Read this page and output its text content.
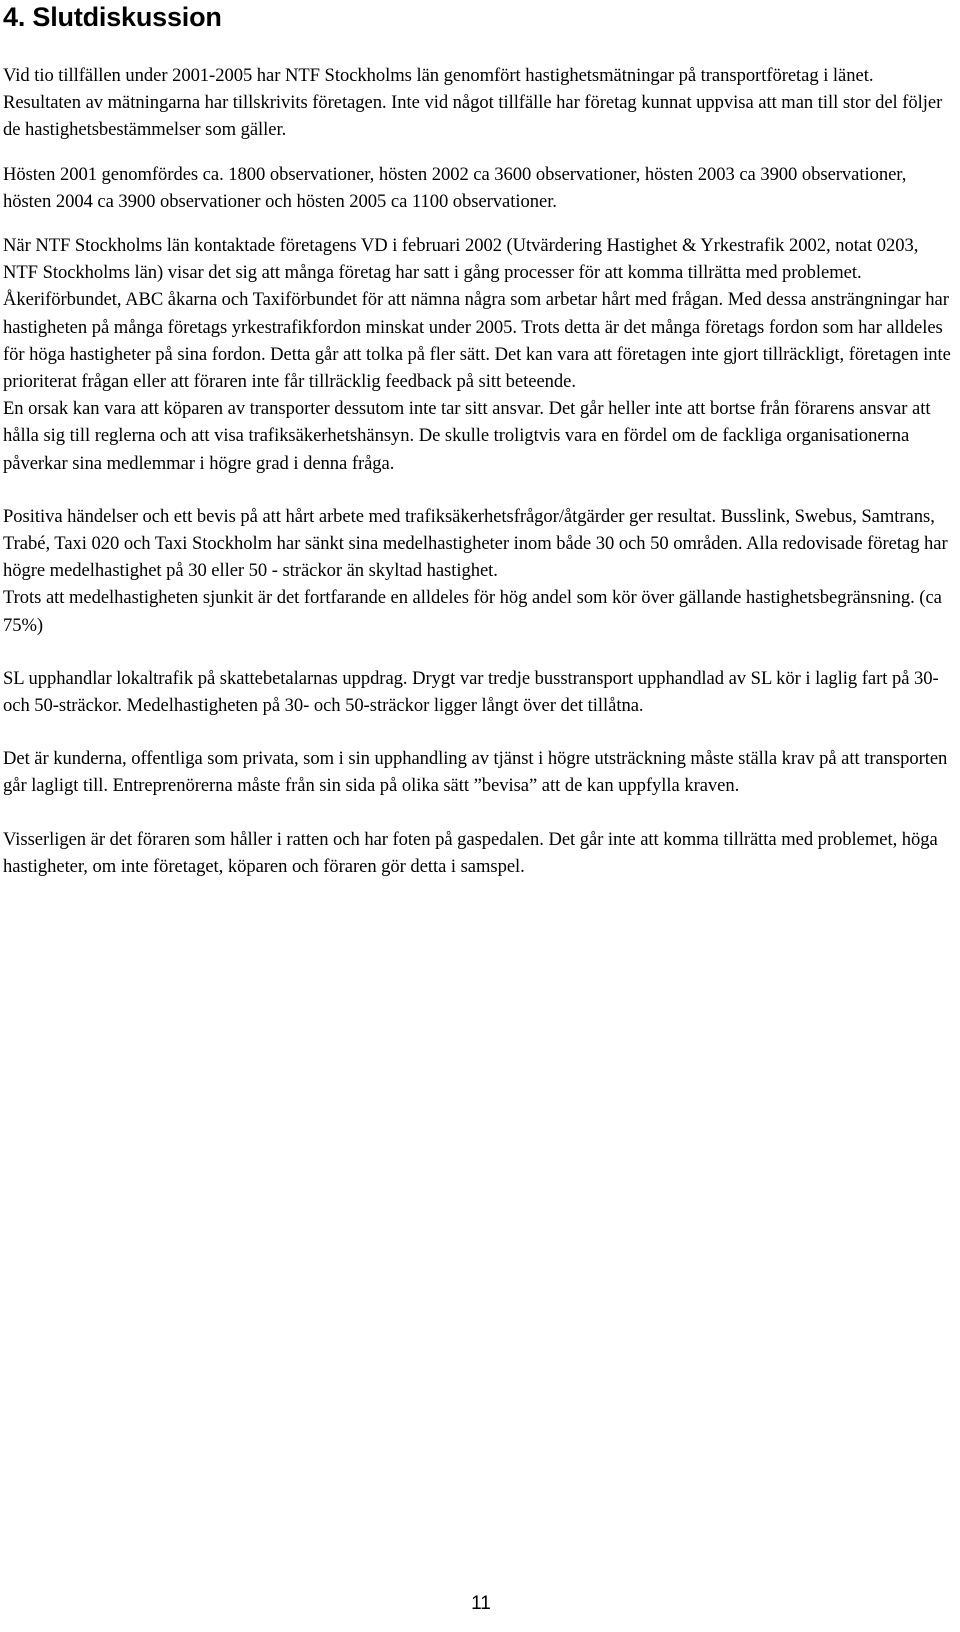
4. Slutdiskussion

Vid tio tillfällen under 2001-2005 har NTF Stockholms län genomfört hastighetsmätningar på transportföretag i länet. Resultaten av mätningarna har tillskrivits företagen. Inte vid något tillfälle har företag kunnat uppvisa att man till stor del följer de hastighetsbestämmelser som gäller.

Hösten 2001 genomfördes ca. 1800 observationer, hösten 2002 ca 3600 observationer, hösten 2003 ca 3900 observationer, hösten 2004 ca 3900 observationer och hösten 2005 ca 1100 observationer.

När NTF Stockholms län kontaktade företagens VD i februari 2002 (Utvärdering Hastighet & Yrkestrafik 2002, notat 0203, NTF Stockholms län) visar det sig att många företag har satt i gång processer för att komma tillrätta med problemet. Åkeriförbundet, ABC åkarna och Taxiförbundet för att nämna några som arbetar hårt med frågan. Med dessa ansträngningar har hastigheten på många företags yrkestrafikfordon minskat under 2005. Trots detta är det många företags fordon som har alldeles för höga hastigheter på sina fordon. Detta går att tolka på fler sätt. Det kan vara att företagen inte gjort tillräckligt, företagen inte prioriterat frågan eller att föraren inte får tillräcklig feedback på sitt beteende.

En orsak kan vara att köparen av transporter dessutom inte tar sitt ansvar. Det går heller inte att bortse från förarens ansvar att hålla sig till reglerna och att visa trafiksäkerhetshänsyn. De skulle troligtvis vara en fördel om de fackliga organisationerna påverkar sina medlemmar i högre grad i denna fråga.

Positiva händelser och ett bevis på att hårt arbete med trafiksäkerhetsfrågor/åtgärder ger resultat. Busslink, Swebus, Samtrans, Trabé, Taxi 020 och Taxi Stockholm har sänkt sina medelhastigheter inom både 30 och 50 områden. Alla redovisade företag har högre medelhastighet på 30 eller 50 - sträckor än skyltad hastighet.

Trots att medelhastigheten sjunkit är det fortfarande en alldeles för hög andel som kör över gällande hastighetsbegränsning. (ca 75%)

SL upphandlar lokaltrafik på skattebetalarnas uppdrag. Drygt var tredje busstransport upphandlad av SL kör i laglig fart på 30- och 50-sträckor. Medelhastigheten på 30- och 50-sträckor ligger långt över det tillåtna.

Det är kunderna, offentliga som privata, som i sin upphandling av tjänst i högre utsträckning måste ställa krav på att transporten går lagligt till. Entreprenörerna måste från sin sida på olika sätt ”bevisa” att de kan uppfylla kraven.

Visserligen är det föraren som håller i ratten och har foten på gaspedalen. Det går inte att komma tillrätta med problemet, höga hastigheter, om inte företaget, köparen och föraren gör detta i samspel.

11
